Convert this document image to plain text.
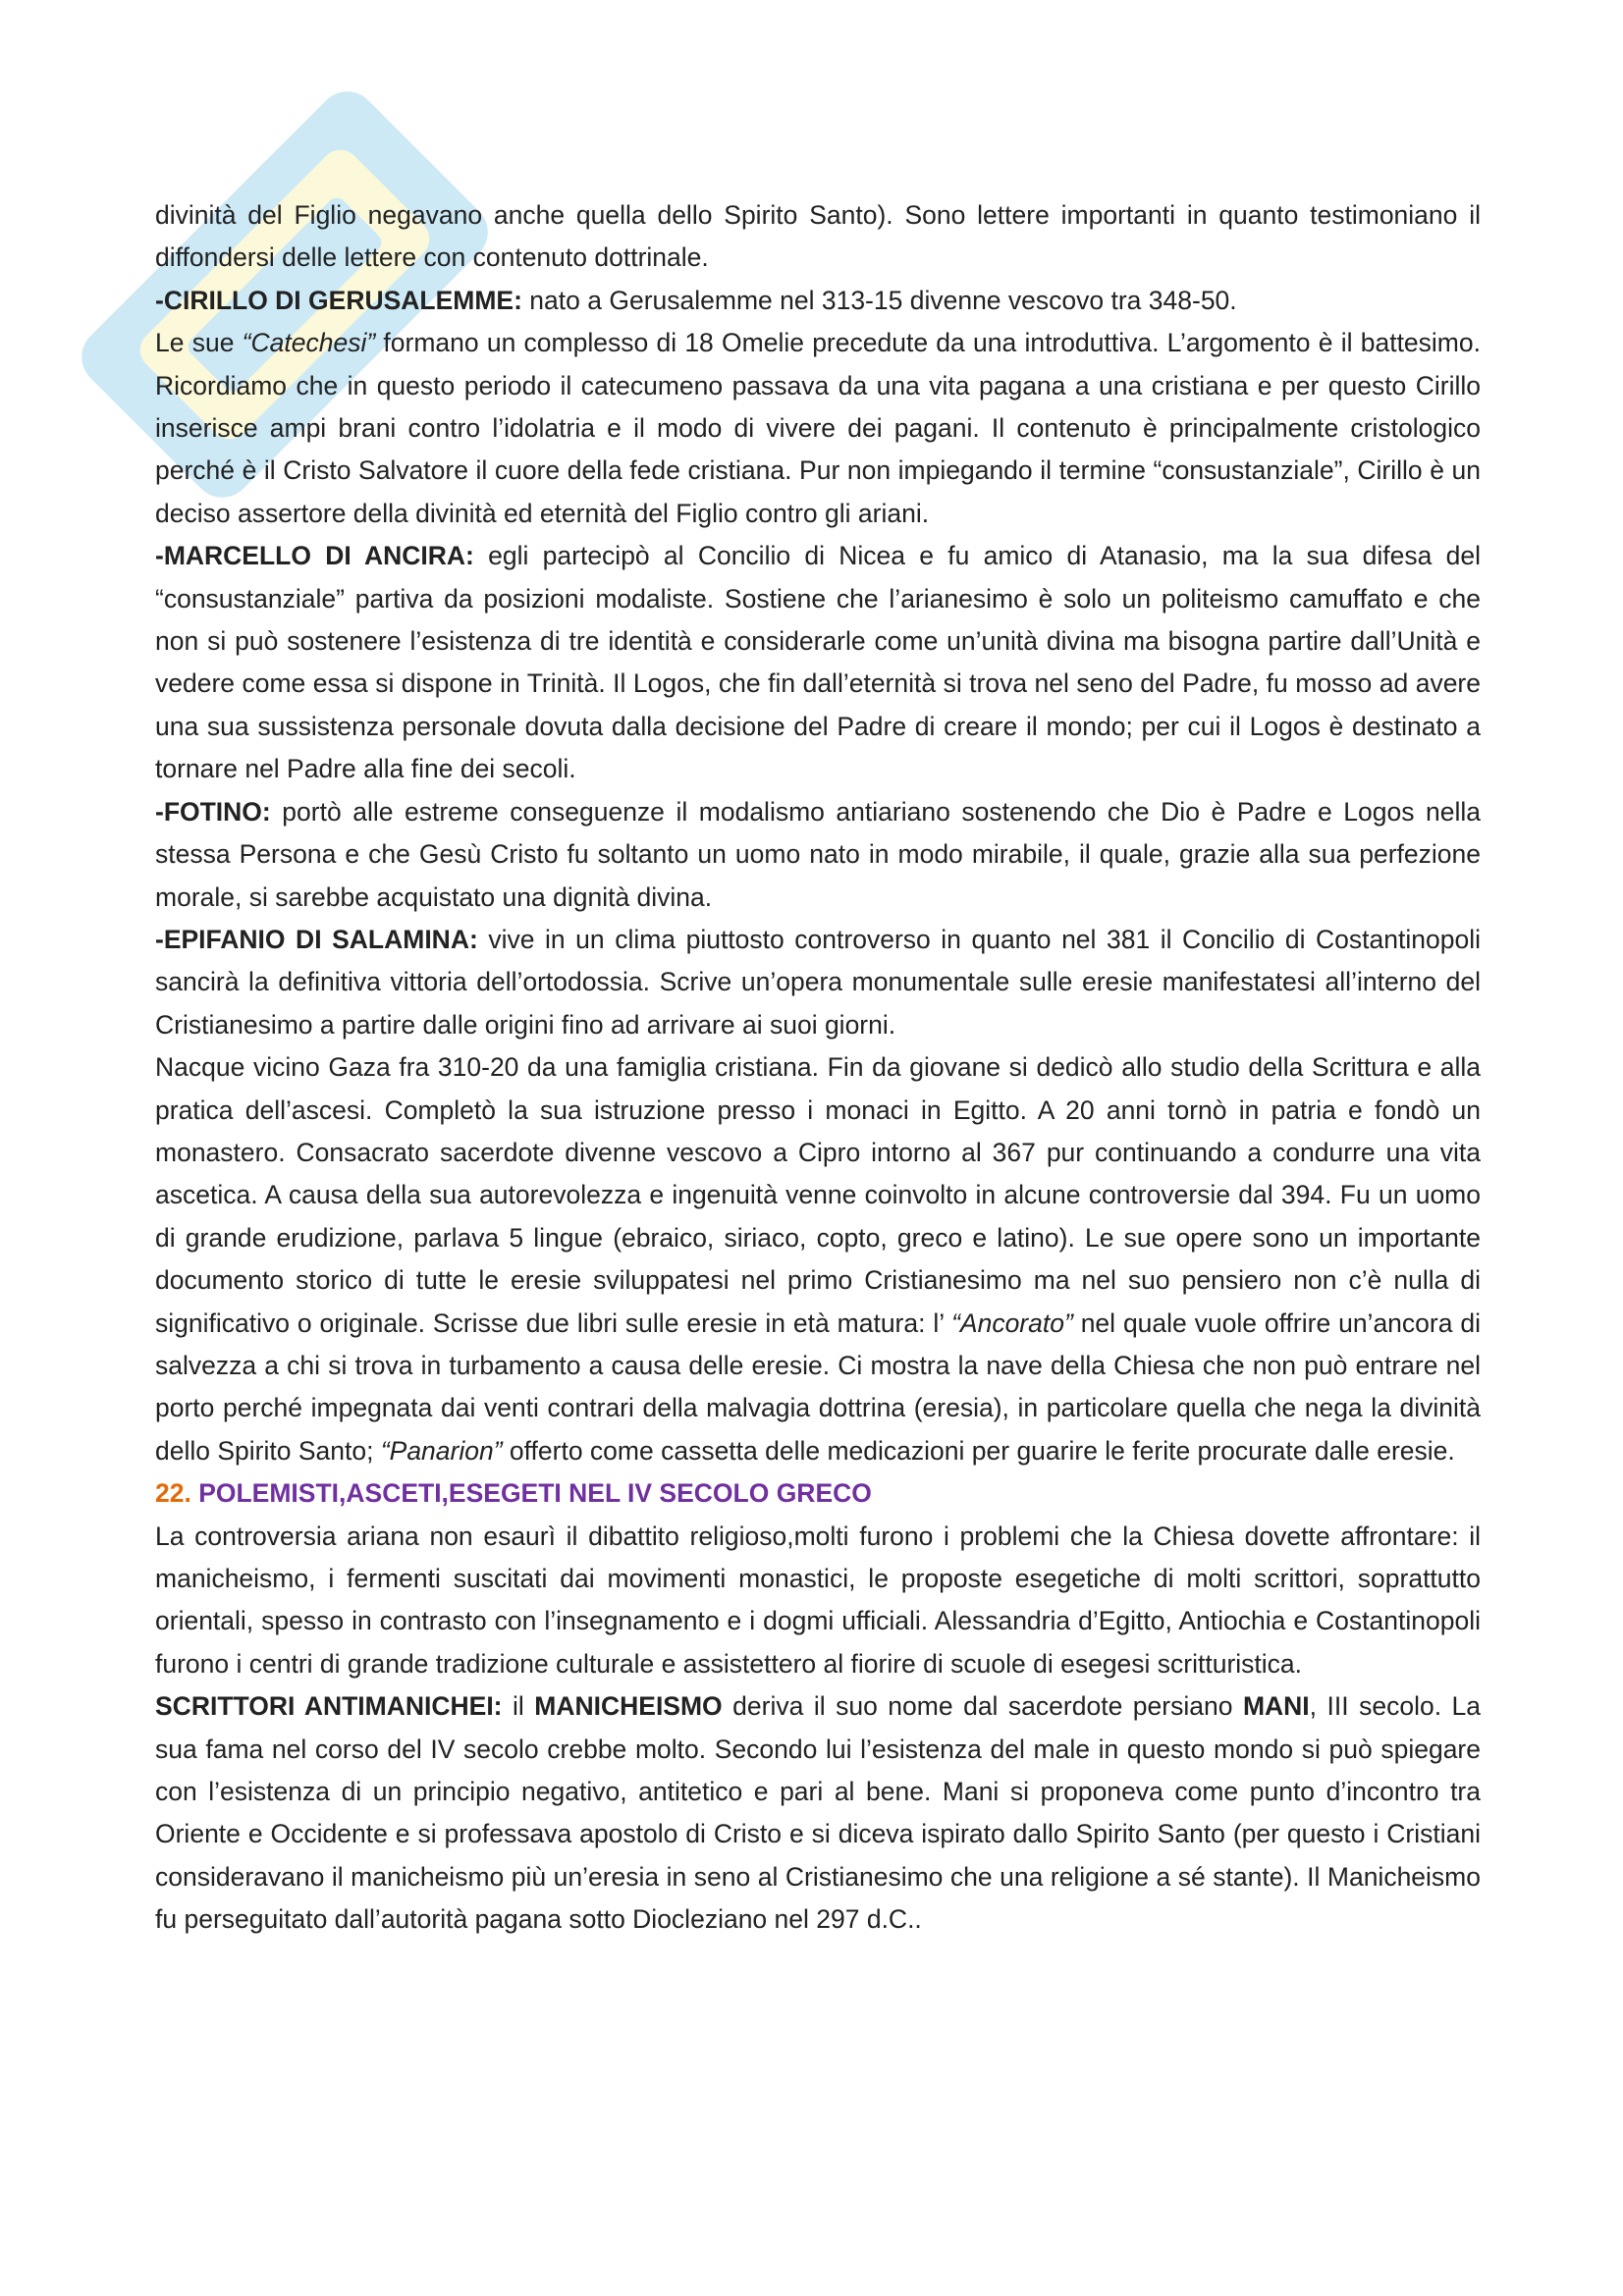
divinità del Figlio negavano anche quella dello Spirito Santo). Sono lettere importanti in quanto testimoniano il diffondersi delle lettere con contenuto dottrinale.

-CIRILLO DI GERUSALEMME: nato a Gerusalemme nel 313-15 divenne vescovo tra 348-50.
Le sue “Catechesi” formano un complesso di 18 Omelie precedute da una introduttiva. L’argomento è il battesimo. Ricordiamo che in questo periodo il catecumeno passava da una vita pagana a una cristiana e per questo Cirillo inserisce ampi brani contro l’idolatria e il modo di vivere dei pagani. Il contenuto è principalmente cristologico perché è il Cristo Salvatore il cuore della fede cristiana. Pur non impiegando il termine “consustanziale”, Cirillo è un deciso assertore della divinità ed eternità del Figlio contro gli ariani.

-MARCELLO DI ANCIRA: egli partecipò al Concilio di Nicea e fu amico di Atanasio, ma la sua difesa del “consustanziale” partiva da posizioni modaliste. Sostiene che l’arianesimo è solo un politeismo camuffato e che non si può sostenere l’esistenza di tre identità e considerarle come un’unità divina ma bisogna partire dall’Unità e vedere come essa si dispone in Trinità. Il Logos, che fin dall’eternità si trova nel seno del Padre, fu mosso ad avere una sua sussistenza personale dovuta dalla decisione del Padre di creare il mondo; per cui il Logos è destinato a tornare nel Padre alla fine dei secoli.

-FOTINO: portò alle estreme conseguenze il modalismo antiariano sostenendo che Dio è Padre e Logos nella stessa Persona e che Gesù Cristo fu soltanto un uomo nato in modo mirabile, il quale, grazie alla sua perfezione morale, si sarebbe acquistato una dignità divina.

-EPIFANIO DI SALAMINA: vive in un clima piuttosto controverso in quanto nel 381 il Concilio di Costantinopoli sancirà la definitiva vittoria dell’ortodossia. Scrive un’opera monumentale sulle eresie manifestatesi all’interno del Cristianesimo a partire dalle origini fino ad arrivare ai suoi giorni.
Nacque vicino Gaza fra 310-20 da una famiglia cristiana. Fin da giovane si dedicò allo studio della Scrittura e alla pratica dell’ascesi. Completò la sua istruzione presso i monaci in Egitto. A 20 anni tornò in patria e fondò un monastero. Consacrato sacerdote divenne vescovo a Cipro intorno al 367 pur continuando a condurre una vita ascetica. A causa della sua autorevolezza e ingenuità venne coinvolto in alcune controversie dal 394. Fu un uomo di grande erudizione, parlava 5 lingue (ebraico, siriaco, copto, greco e latino). Le sue opere sono un importante documento storico di tutte le eresie sviluppatesi nel primo Cristianesimo ma nel suo pensiero non c’è nulla di significativo o originale. Scrisse due libri sulle eresie in età matura: l’ “Ancorato” nel quale vuole offrire un’ancora di salvezza a chi si trova in turbamento a causa delle eresie. Ci mostra la nave della Chiesa che non può entrare nel porto perché impegnata dai venti contrari della malvagia dottrina (eresia), in particolare quella che nega la divinità dello Spirito Santo; “Panarion” offerto come cassetta delle medicazioni per guarire le ferite procurate dalle eresie.

22. POLEMISTI,ASCETI,ESEGETI NEL IV SECOLO GRECO

La controversia ariana non esaurì il dibattito religioso,molti furono i problemi che la Chiesa dovette affrontare: il manicheismo, i fermenti suscitati dai movimenti monastici, le proposte esegetiche di molti scrittori, soprattutto orientali, spesso in contrasto con l’insegnamento e i dogmi ufficiali. Alessandria d’Egitto, Antiochia e Costantinopoli furono i centri di grande tradizione culturale e assistettero al fiorire di scuole di esegesi scritturistica.

SCRITTORI ANTIMANICHEI: il MANICHEISMO deriva il suo nome dal sacerdote persiano MANI, III secolo. La sua fama nel corso del IV secolo crebbe molto. Secondo lui l’esistenza del male in questo mondo si può spiegare con l’esistenza di un principio negativo, antitetico e pari al bene. Mani si proponeva come punto d’incontro tra Oriente e Occidente e si professava apostolo di Cristo e si diceva ispirato dallo Spirito Santo (per questo i Cristiani consideravano il manicheismo più un’eresia in seno al Cristianesimo che una religione a sé stante). Il Manicheismo fu perseguitato dall’autorità pagana sotto Diocleziano nel 297 d.C..
